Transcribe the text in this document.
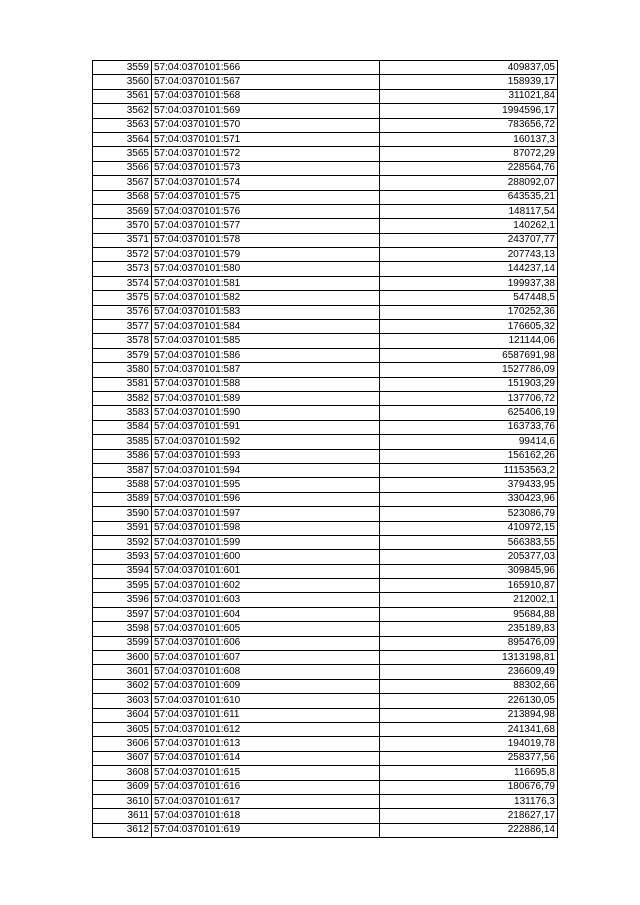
3559	57:04:0370101:566	409837,05
3560	57:04:0370101:567	158939,17
3561	57:04:0370101:568	311021,84
3562	57:04:0370101:569	1994596,17
3563	57:04:0370101:570	783656,72
3564	57:04:0370101:571	160137,3
3565	57:04:0370101:572	87072,29
3566	57:04:0370101:573	228564,76
3567	57:04:0370101:574	288092,07
3568	57:04:0370101:575	643535,21
3569	57:04:0370101:576	148117,54
3570	57:04:0370101:577	140262,1
3571	57:04:0370101:578	243707,77
3572	57:04:0370101:579	207743,13
3573	57:04:0370101:580	144237,14
3574	57:04:0370101:581	199937,38
3575	57:04:0370101:582	547448,5
3576	57:04:0370101:583	170252,36
3577	57:04:0370101:584	176605,32
3578	57:04:0370101:585	121144,06
3579	57:04:0370101:586	6587691,98
3580	57:04:0370101:587	1527786,09
3581	57:04:0370101:588	151903,29
3582	57:04:0370101:589	137706,72
3583	57:04:0370101:590	625406,19
3584	57:04:0370101:591	163733,76
3585	57:04:0370101:592	99414,6
3586	57:04:0370101:593	156162,26
3587	57:04:0370101:594	11153563,2
3588	57:04:0370101:595	379433,95
3589	57:04:0370101:596	330423,96
3590	57:04:0370101:597	523086,79
3591	57:04:0370101:598	410972,15
3592	57:04:0370101:599	566383,55
3593	57:04:0370101:600	205377,03
3594	57:04:0370101:601	309845,96
3595	57:04:0370101:602	165910,87
3596	57:04:0370101:603	212002,1
3597	57:04:0370101:604	95684,88
3598	57:04:0370101:605	235189,83
3599	57:04:0370101:606	895476,09
3600	57:04:0370101:607	1313198,81
3601	57:04:0370101:608	236609,49
3602	57:04:0370101:609	88302,66
3603	57:04:0370101:610	226130,05
3604	57:04:0370101:611	213894,98
3605	57:04:0370101:612	241341,68
3606	57:04:0370101:613	194019,78
3607	57:04:0370101:614	258377,56
3608	57:04:0370101:615	116695,8
3609	57:04:0370101:616	180676,79
3610	57:04:0370101:617	131176,3
3611	57:04:0370101:618	218627,17
3612	57:04:0370101:619	222886,14
